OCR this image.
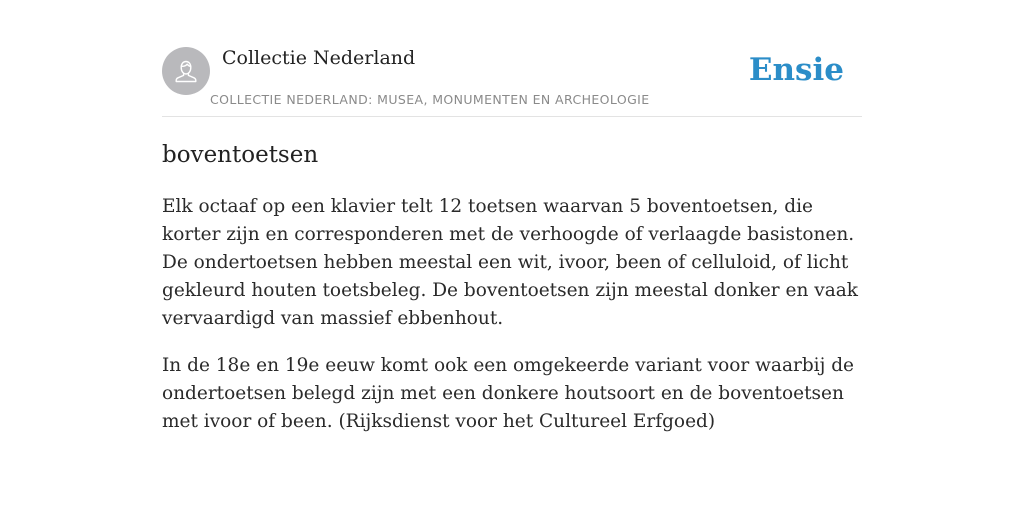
Collectie Nederland
COLLECTIE NEDERLAND: MUSEA, MONUMENTEN EN ARCHEOLOGIE
Ensie
boventoetsen

Elk octaaf op een klavier telt 12 toetsen waarvan 5 boventoetsen, die korter zijn en corresponderen met de verhoogde of verlaagde basistonen. De ondertoetsen hebben meestal een wit, ivoor, been of celluloid, of licht gekleurd houten toetsbeleg. De boventoetsen zijn meestal donker en vaak vervaardigd van massief ebbenhout.

In de 18e en 19e eeuw komt ook een omgekeerde variant voor waarbij de ondertoetsen belegd zijn met een donkere houtsoort en de boventoetsen met ivoor of been. (Rijksdienst voor het Cultureel Erfgoed)
